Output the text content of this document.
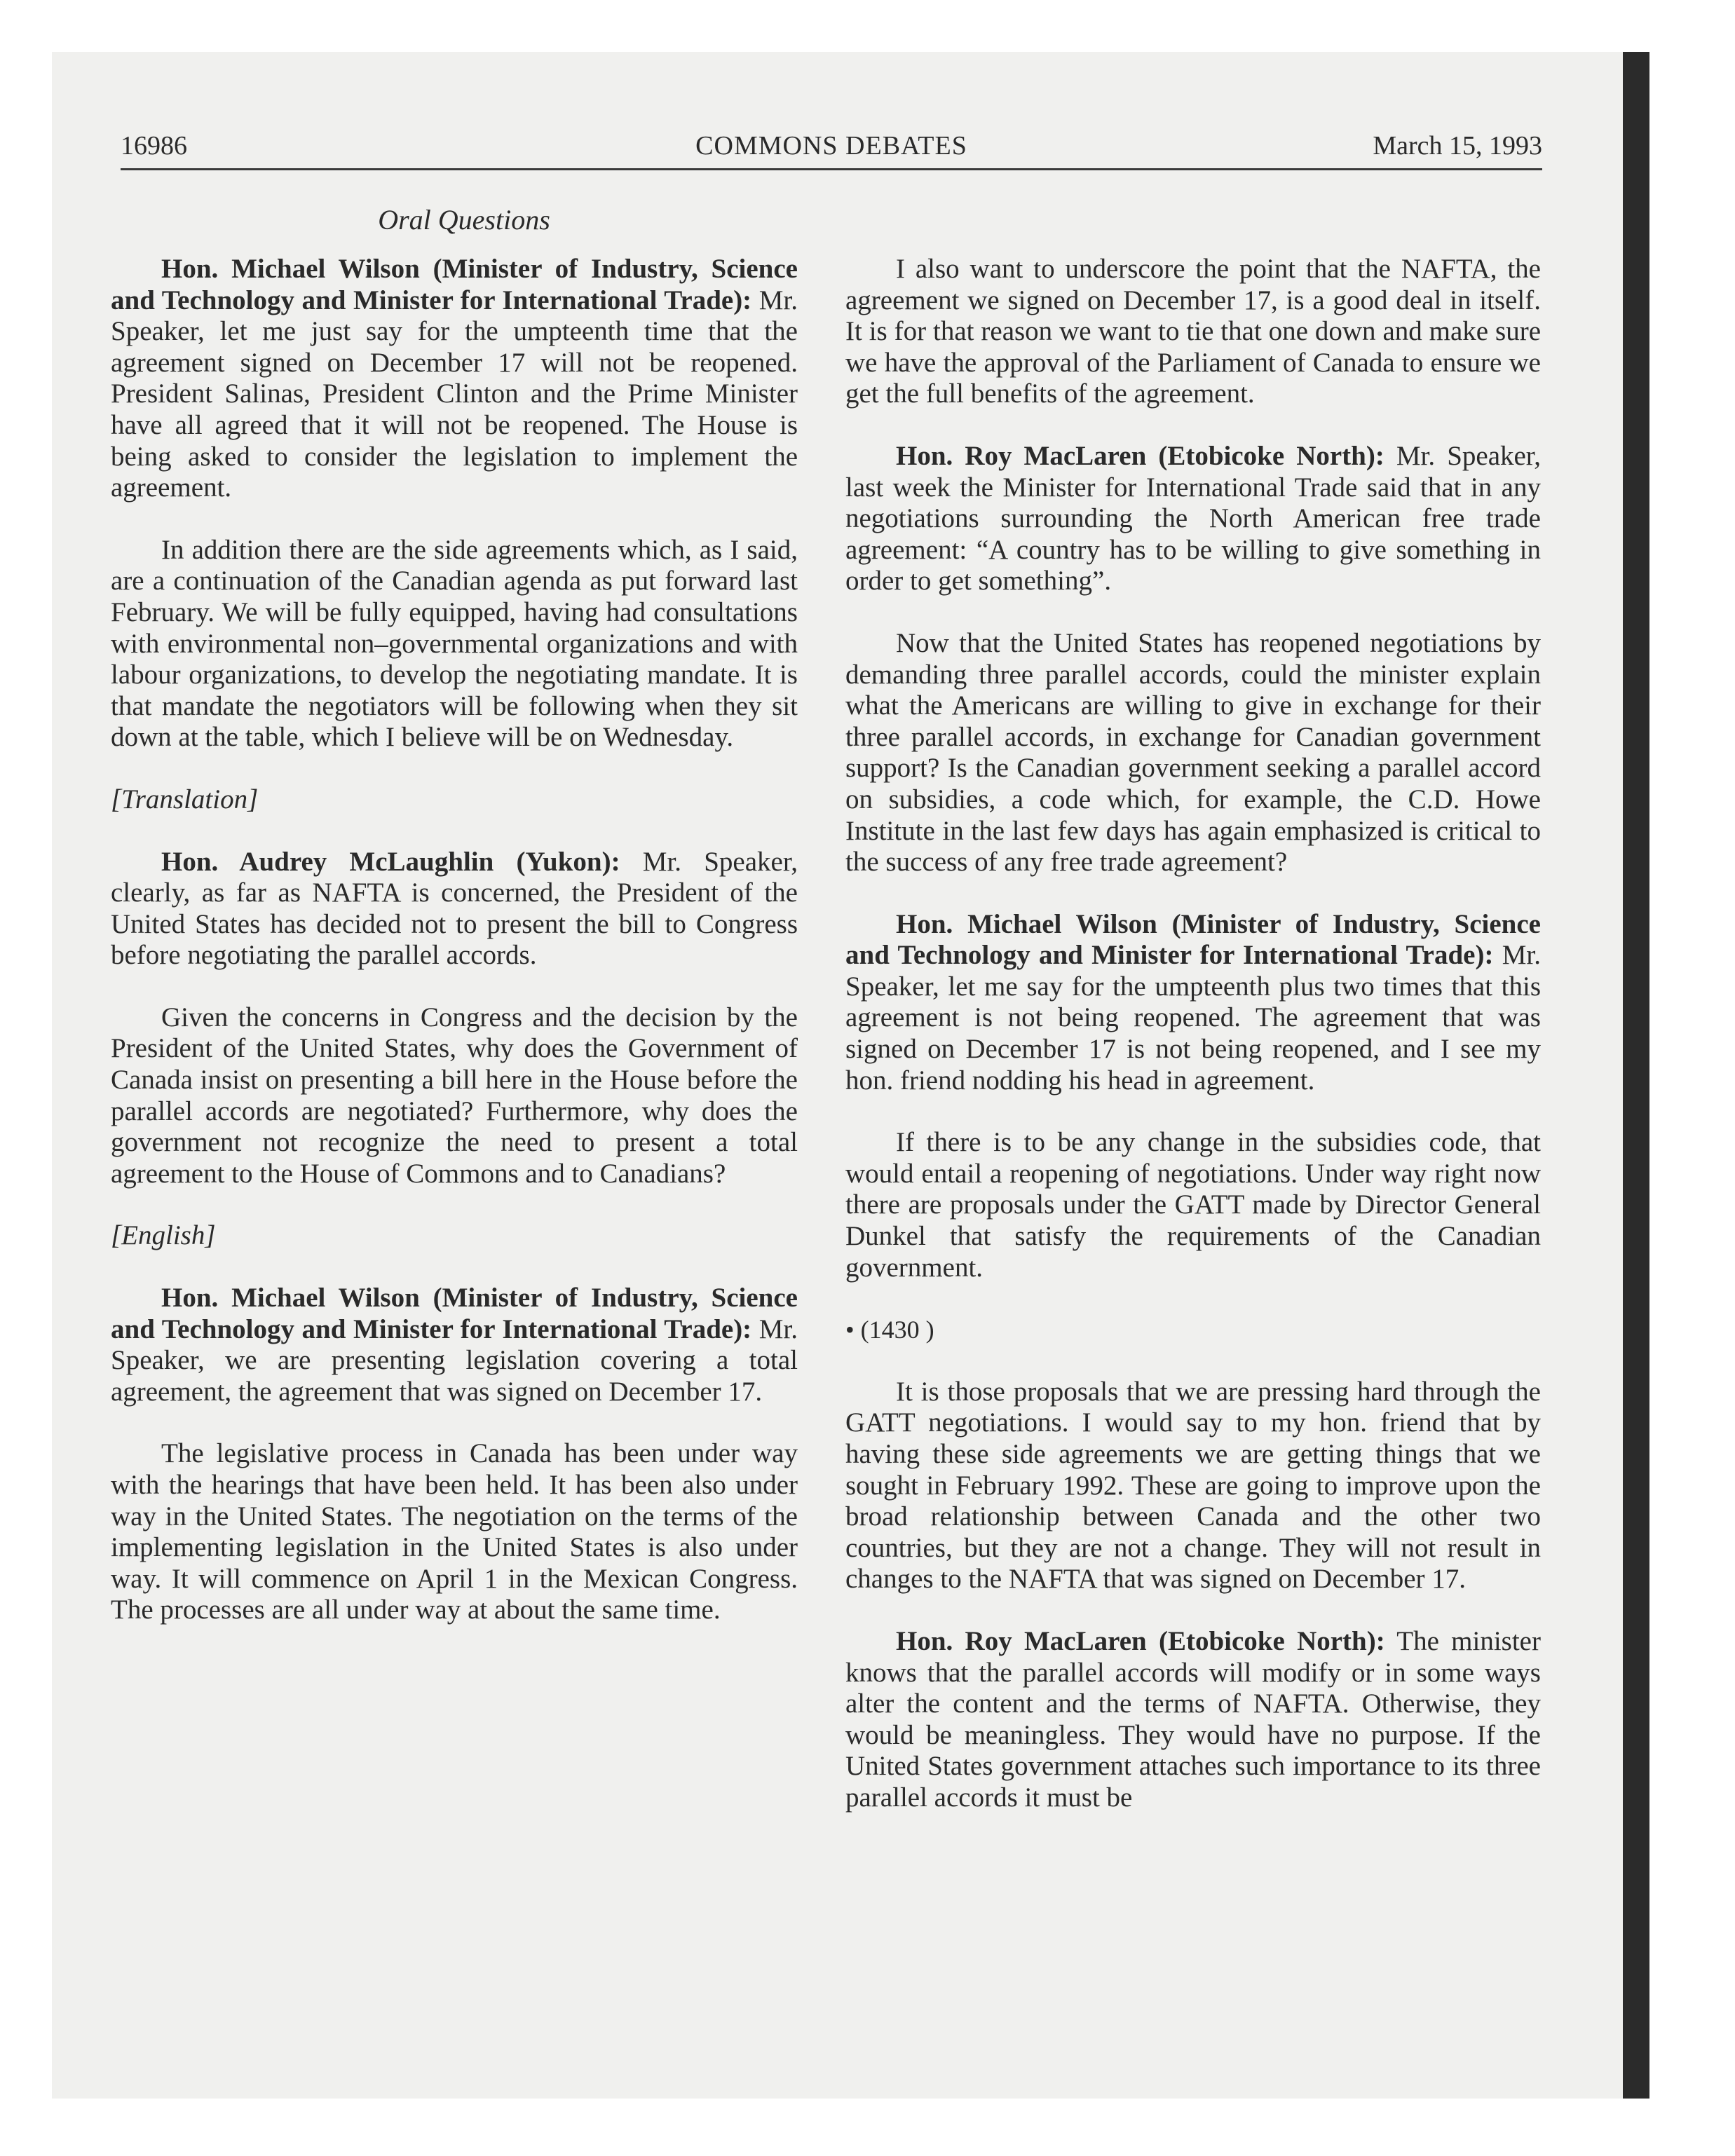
16986	COMMONS DEBATES	March 15, 1993
Oral Questions

Hon. Michael Wilson (Minister of Industry, Science and Technology and Minister for International Trade): Mr. Speaker, let me just say for the umpteenth time that the agreement signed on December 17 will not be reopened. President Salinas, President Clinton and the Prime Minister have all agreed that it will not be reopened. The House is being asked to consider the legislation to implement the agreement.

In addition there are the side agreements which, as I said, are a continuation of the Canadian agenda as put forward last February. We will be fully equipped, having had consultations with environmental non–governmental organizations and with labour organizations, to develop the negotiating mandate. It is that mandate the negotiators will be following when they sit down at the table, which I believe will be on Wednesday.

[Translation]

Hon. Audrey McLaughlin (Yukon): Mr. Speaker, clearly, as far as NAFTA is concerned, the President of the United States has decided not to present the bill to Congress before negotiating the parallel accords.

Given the concerns in Congress and the decision by the President of the United States, why does the Government of Canada insist on presenting a bill here in the House before the parallel accords are negotiated? Furthermore, why does the government not recognize the need to present a total agreement to the House of Commons and to Canadians?

[English]

Hon. Michael Wilson (Minister of Industry, Science and Technology and Minister for International Trade): Mr. Speaker, we are presenting legislation covering a total agreement, the agreement that was signed on December 17.

The legislative process in Canada has been under way with the hearings that have been held. It has been also under way in the United States. The negotiation on the terms of the implementing legislation in the United States is also under way. It will commence on April 1 in the Mexican Congress. The processes are all under way at about the same time.

I also want to underscore the point that the NAFTA, the agreement we signed on December 17, is a good deal in itself. It is for that reason we want to tie that one down and make sure we have the approval of the Parliament of Canada to ensure we get the full benefits of the agreement.

Hon. Roy MacLaren (Etobicoke North): Mr. Speaker, last week the Minister for International Trade said that in any negotiations surrounding the North American free trade agreement: “A country has to be willing to give something in order to get something”.

Now that the United States has reopened negotiations by demanding three parallel accords, could the minister explain what the Americans are willing to give in exchange for their three parallel accords, in exchange for Canadian government support? Is the Canadian government seeking a parallel accord on subsidies, a code which, for example, the C.D. Howe Institute in the last few days has again emphasized is critical to the success of any free trade agreement?

Hon. Michael Wilson (Minister of Industry, Science and Technology and Minister for International Trade): Mr. Speaker, let me say for the umpteenth plus two times that this agreement is not being reopened. The agreement that was signed on December 17 is not being reopened, and I see my hon. friend nodding his head in agreement.

If there is to be any change in the subsidies code, that would entail a reopening of negotiations. Under way right now there are proposals under the GATT made by Director General Dunkel that satisfy the requirements of the Canadian government.

• (1430 )

It is those proposals that we are pressing hard through the GATT negotiations. I would say to my hon. friend that by having these side agreements we are getting things that we sought in February 1992. These are going to improve upon the broad relationship between Canada and the other two countries, but they are not a change. They will not result in changes to the NAFTA that was signed on December 17.

Hon. Roy MacLaren (Etobicoke North): The minister knows that the parallel accords will modify or in some ways alter the content and the terms of NAFTA. Otherwise, they would be meaningless. They would have no purpose. If the United States government attaches such importance to its three parallel accords it must be
